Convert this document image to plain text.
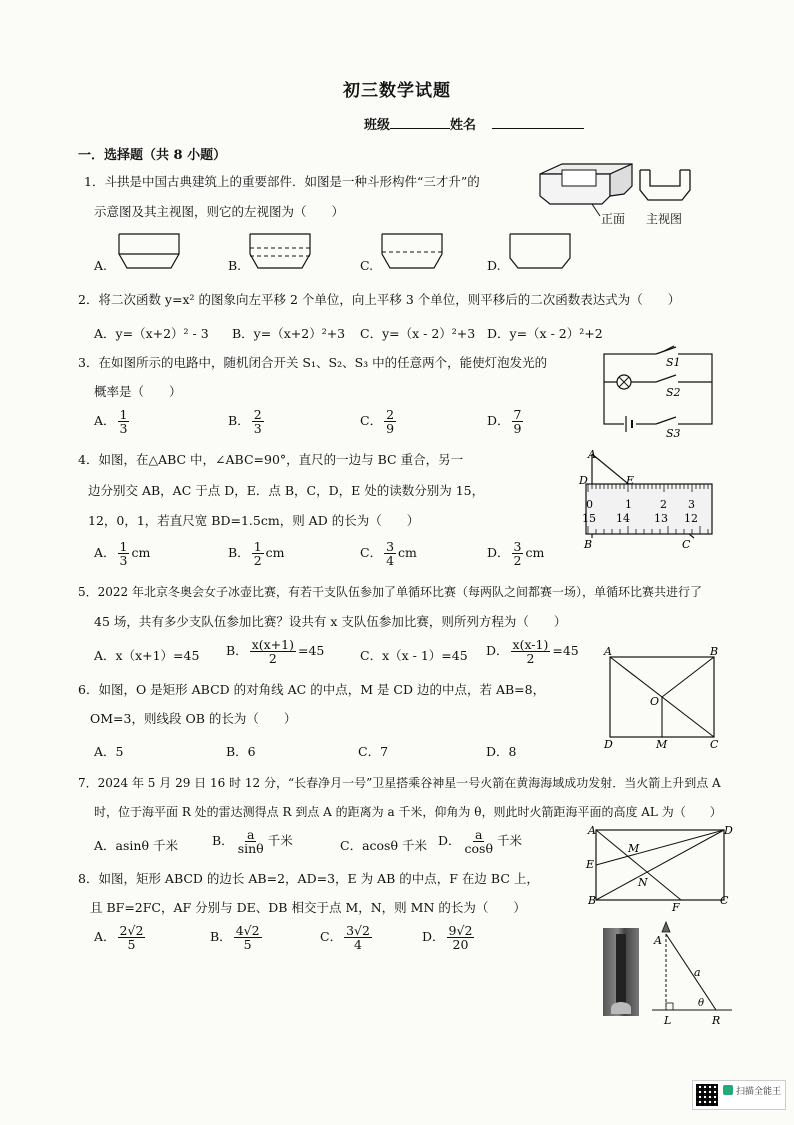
初三数学试题
班级	姓名
一．选择题（共 8 小题）
1．斗拱是中国古典建筑上的重要部件．如图是一种斗形构件“三才升”的
示意图及其主视图，则它的左视图为（　　）	正面 主视图
A.	B.	C.	D.
2．将二次函数 y=x² 的图象向左平移 2 个单位，向上平移 3 个单位，则平移后的二次函数表达式为（　　）
A．y=（x+2）² - 3 B．y=（x+2）²+3 C．y=（x - 2）²+3 D．y=（x - 2）²+2
3．在如图所示的电路中，随机闭合开关 S₁、S₂、S₃ 中的任意两个，能使灯泡发光的
概率是（　　）
S1
S2
S3
A． $\frac{1}{3}$	B． $\frac{2}{3}$	C． $\frac{2}{9}$	D． $\frac{7}{9}$
4．如图，在△ABC 中，∠ABC=90°，直尺的一边与 BC 重合，另一
边分别交 AB，AC 于点 D，E．点 B，C，D，E 处的读数分别为 15，
12，0，1，若直尺宽 BD=1.5cm，则 AD 的长为（　　）
0	1	2 3
15 14 13 12
A
D	E
B	C
A． $\frac{1}{3}$ cm	B． $\frac{1}{2}$ cm	C． $\frac{3}{4}$ cm	D． $\frac{3}{2}$ cm
5．2022 年北京冬奥会女子冰壶比赛，有若干支队伍参加了单循环比赛（每两队之间都赛一场），单循环比赛共进行了
45 场，共有多少支队伍参加比赛？设共有 x 支队伍参加比赛，则所列方程为（　　）
A．x（x+1）=45 B． $\frac{x(x+1)}{2} =45$	C．x（x - 1）=45 D． $\frac{x(x-1)}{2} =45$
6．如图，O 是矩形 ABCD 的对角线 AC 的中点，M 是 CD 边的中点，若 AB=8，
OM=3，则线段 OB 的长为（　　）
A	B
O
D	M	C
A．5	B．6	C．7	D．8
7．2024 年 5 月 29 日 16 时 12 分，“长春净月一号”卫星搭乘谷神星一号火箭在黄海海域成功发射．当火箭上升到点 A
时，位于海平面 R 处的雷达测得点 R 到点 A 的距离为 a 千米，仰角为 θ，则此时火箭距海平面的高度 AL 为（　　）
A．asinθ 千米	B． $\frac{a}{\sin\theta}$ 千米	C．acosθ 千米 D． $\frac{a}{\cos\theta}$ 千米
A	D
M
E
N
B
F
C
8．如图，矩形 ABCD 的边长 AB=2，AD=3，E 为 AB 的中点，F 在边 BC 上，
且 BF=2FC，AF 分别与 DE、DB 相交于点 M，N，则 MN 的长为（　　）
A． $\frac{2√2}{5}$	B． $\frac{4√2}{5}$	C． $\frac{3√2}{4}$	D． $\frac{9√2}{20}$	A
L	R
a
θ
扫描全能王
